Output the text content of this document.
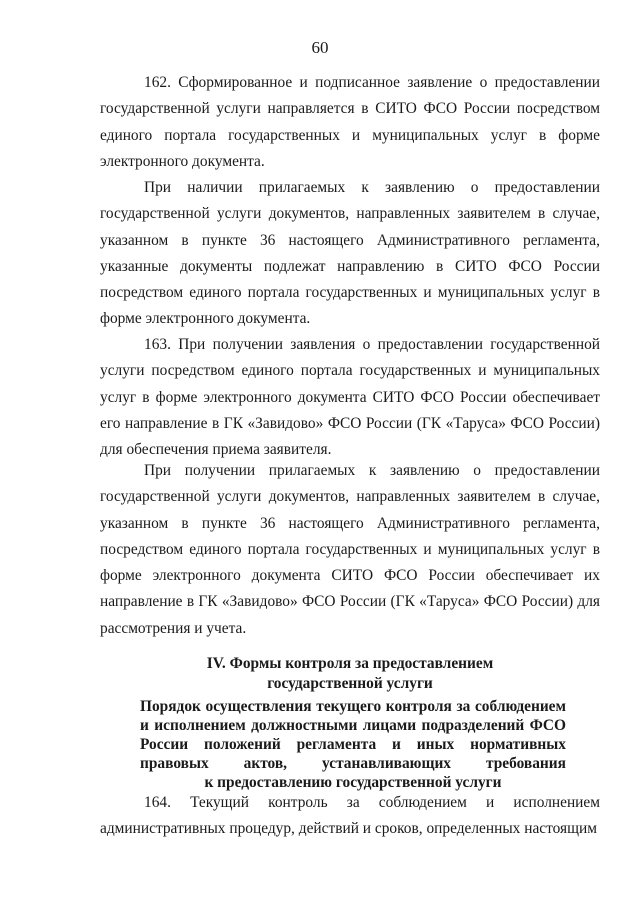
60

162. Сформированное и подписанное заявление о предоставлении государственной услуги направляется в СИТО ФСО России посредством единого портала государственных и муниципальных услуг в форме электронного документа.

При наличии прилагаемых к заявлению о предоставлении государственной услуги документов, направленных заявителем в случае, указанном в пункте 36 настоящего Административного регламента, указанные документы подлежат направлению в СИТО ФСО России посредством единого портала государственных и муниципальных услуг в форме электронного документа.

163. При получении заявления о предоставлении государственной услуги посредством единого портала государственных и муниципальных услуг в форме электронного документа СИТО ФСО России обеспечивает его направление в ГК «Завидово» ФСО России (ГК «Таруса» ФСО России) для обеспечения приема заявителя.

При получении прилагаемых к заявлению о предоставлении государственной услуги документов, направленных заявителем в случае, указанном в пункте 36 настоящего Административного регламента, посредством единого портала государственных и муниципальных услуг в форме электронного документа СИТО ФСО России обеспечивает их направление в ГК «Завидово» ФСО России (ГК «Таруса» ФСО России) для рассмотрения и учета.

IV. Формы контроля за предоставлением
государственной услуги
Порядок осуществления текущего контроля за соблюдением и исполнением должностными лицами подразделений ФСО России положений регламента и иных нормативных правовых актов, устанавливающих требования
к предоставлению государственной услуги

164. Текущий контроль за соблюдением и исполнением административных процедур, действий и сроков, определенных настоящим
